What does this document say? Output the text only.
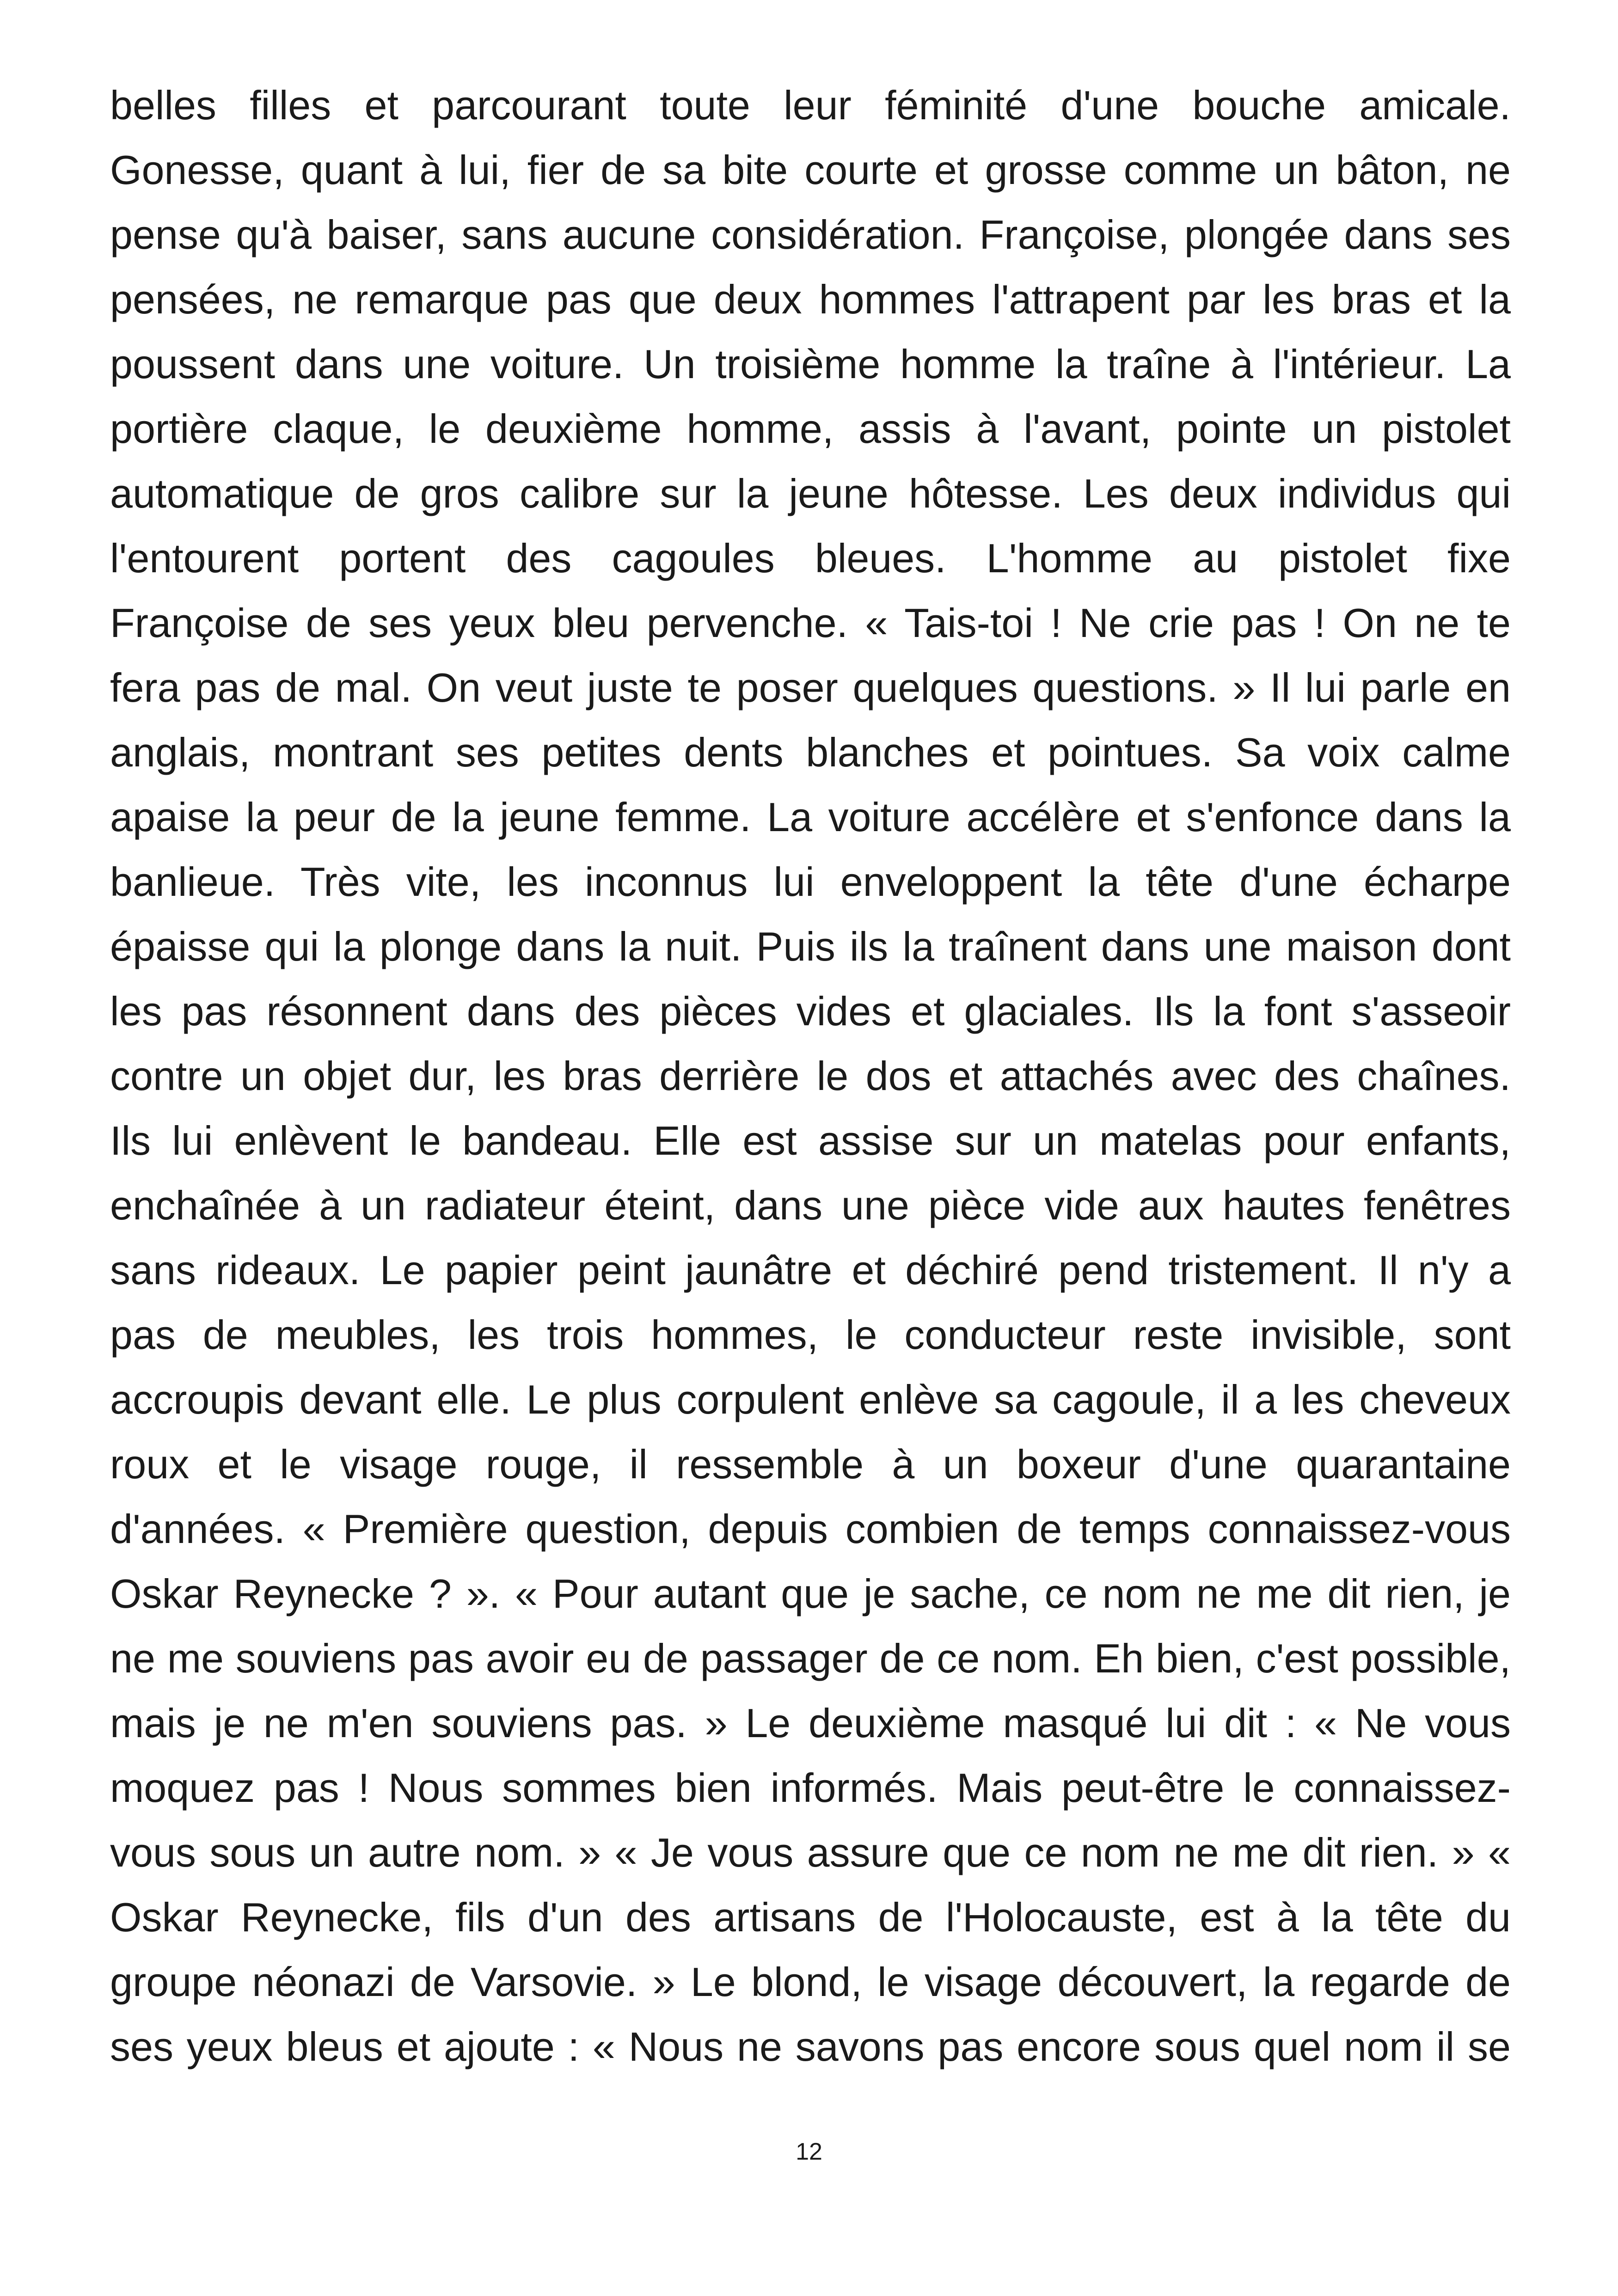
belles filles et parcourant toute leur féminité d'une bouche amicale.
Gonesse, quant à lui, fier de sa bite courte et grosse comme un bâton, ne
pense qu'à baiser, sans aucune considération. Françoise, plongée dans ses
pensées, ne remarque pas que deux hommes l'attrapent par les bras et la
poussent dans une voiture. Un troisième homme la traîne à l'intérieur. La
portière claque, le deuxième homme, assis à l'avant, pointe un pistolet
automatique de gros calibre sur la jeune hôtesse. Les deux individus qui
l'entourent portent des cagoules bleues. L'homme au pistolet fixe
Françoise de ses yeux bleu pervenche. « Tais-toi ! Ne crie pas ! On ne te
fera pas de mal. On veut juste te poser quelques questions. » Il lui parle en
anglais, montrant ses petites dents blanches et pointues. Sa voix calme
apaise la peur de la jeune femme. La voiture accélère et s'enfonce dans la
banlieue. Très vite, les inconnus lui enveloppent la tête d'une écharpe
épaisse qui la plonge dans la nuit. Puis ils la traînent dans une maison dont
les pas résonnent dans des pièces vides et glaciales. Ils la font s'asseoir
contre un objet dur, les bras derrière le dos et attachés avec des chaînes.
Ils lui enlèvent le bandeau. Elle est assise sur un matelas pour enfants,
enchaînée à un radiateur éteint, dans une pièce vide aux hautes fenêtres
sans rideaux. Le papier peint jaunâtre et déchiré pend tristement. Il n'y a
pas de meubles, les trois hommes, le conducteur reste invisible, sont
accroupis devant elle. Le plus corpulent enlève sa cagoule, il a les cheveux
roux et le visage rouge, il ressemble à un boxeur d'une quarantaine
d'années. « Première question, depuis combien de temps connaissez-vous
Oskar Reynecke ? ». « Pour autant que je sache, ce nom ne me dit rien, je
ne me souviens pas avoir eu de passager de ce nom. Eh bien, c'est possible,
mais je ne m'en souviens pas. » Le deuxième masqué lui dit : « Ne vous
moquez pas ! Nous sommes bien informés. Mais peut-être le connaissez-
vous sous un autre nom. » « Je vous assure que ce nom ne me dit rien. » «
Oskar Reynecke, fils d'un des artisans de l'Holocauste, est à la tête du
groupe néonazi de Varsovie. » Le blond, le visage découvert, la regarde de
ses yeux bleus et ajoute : « Nous ne savons pas encore sous quel nom il se

12
